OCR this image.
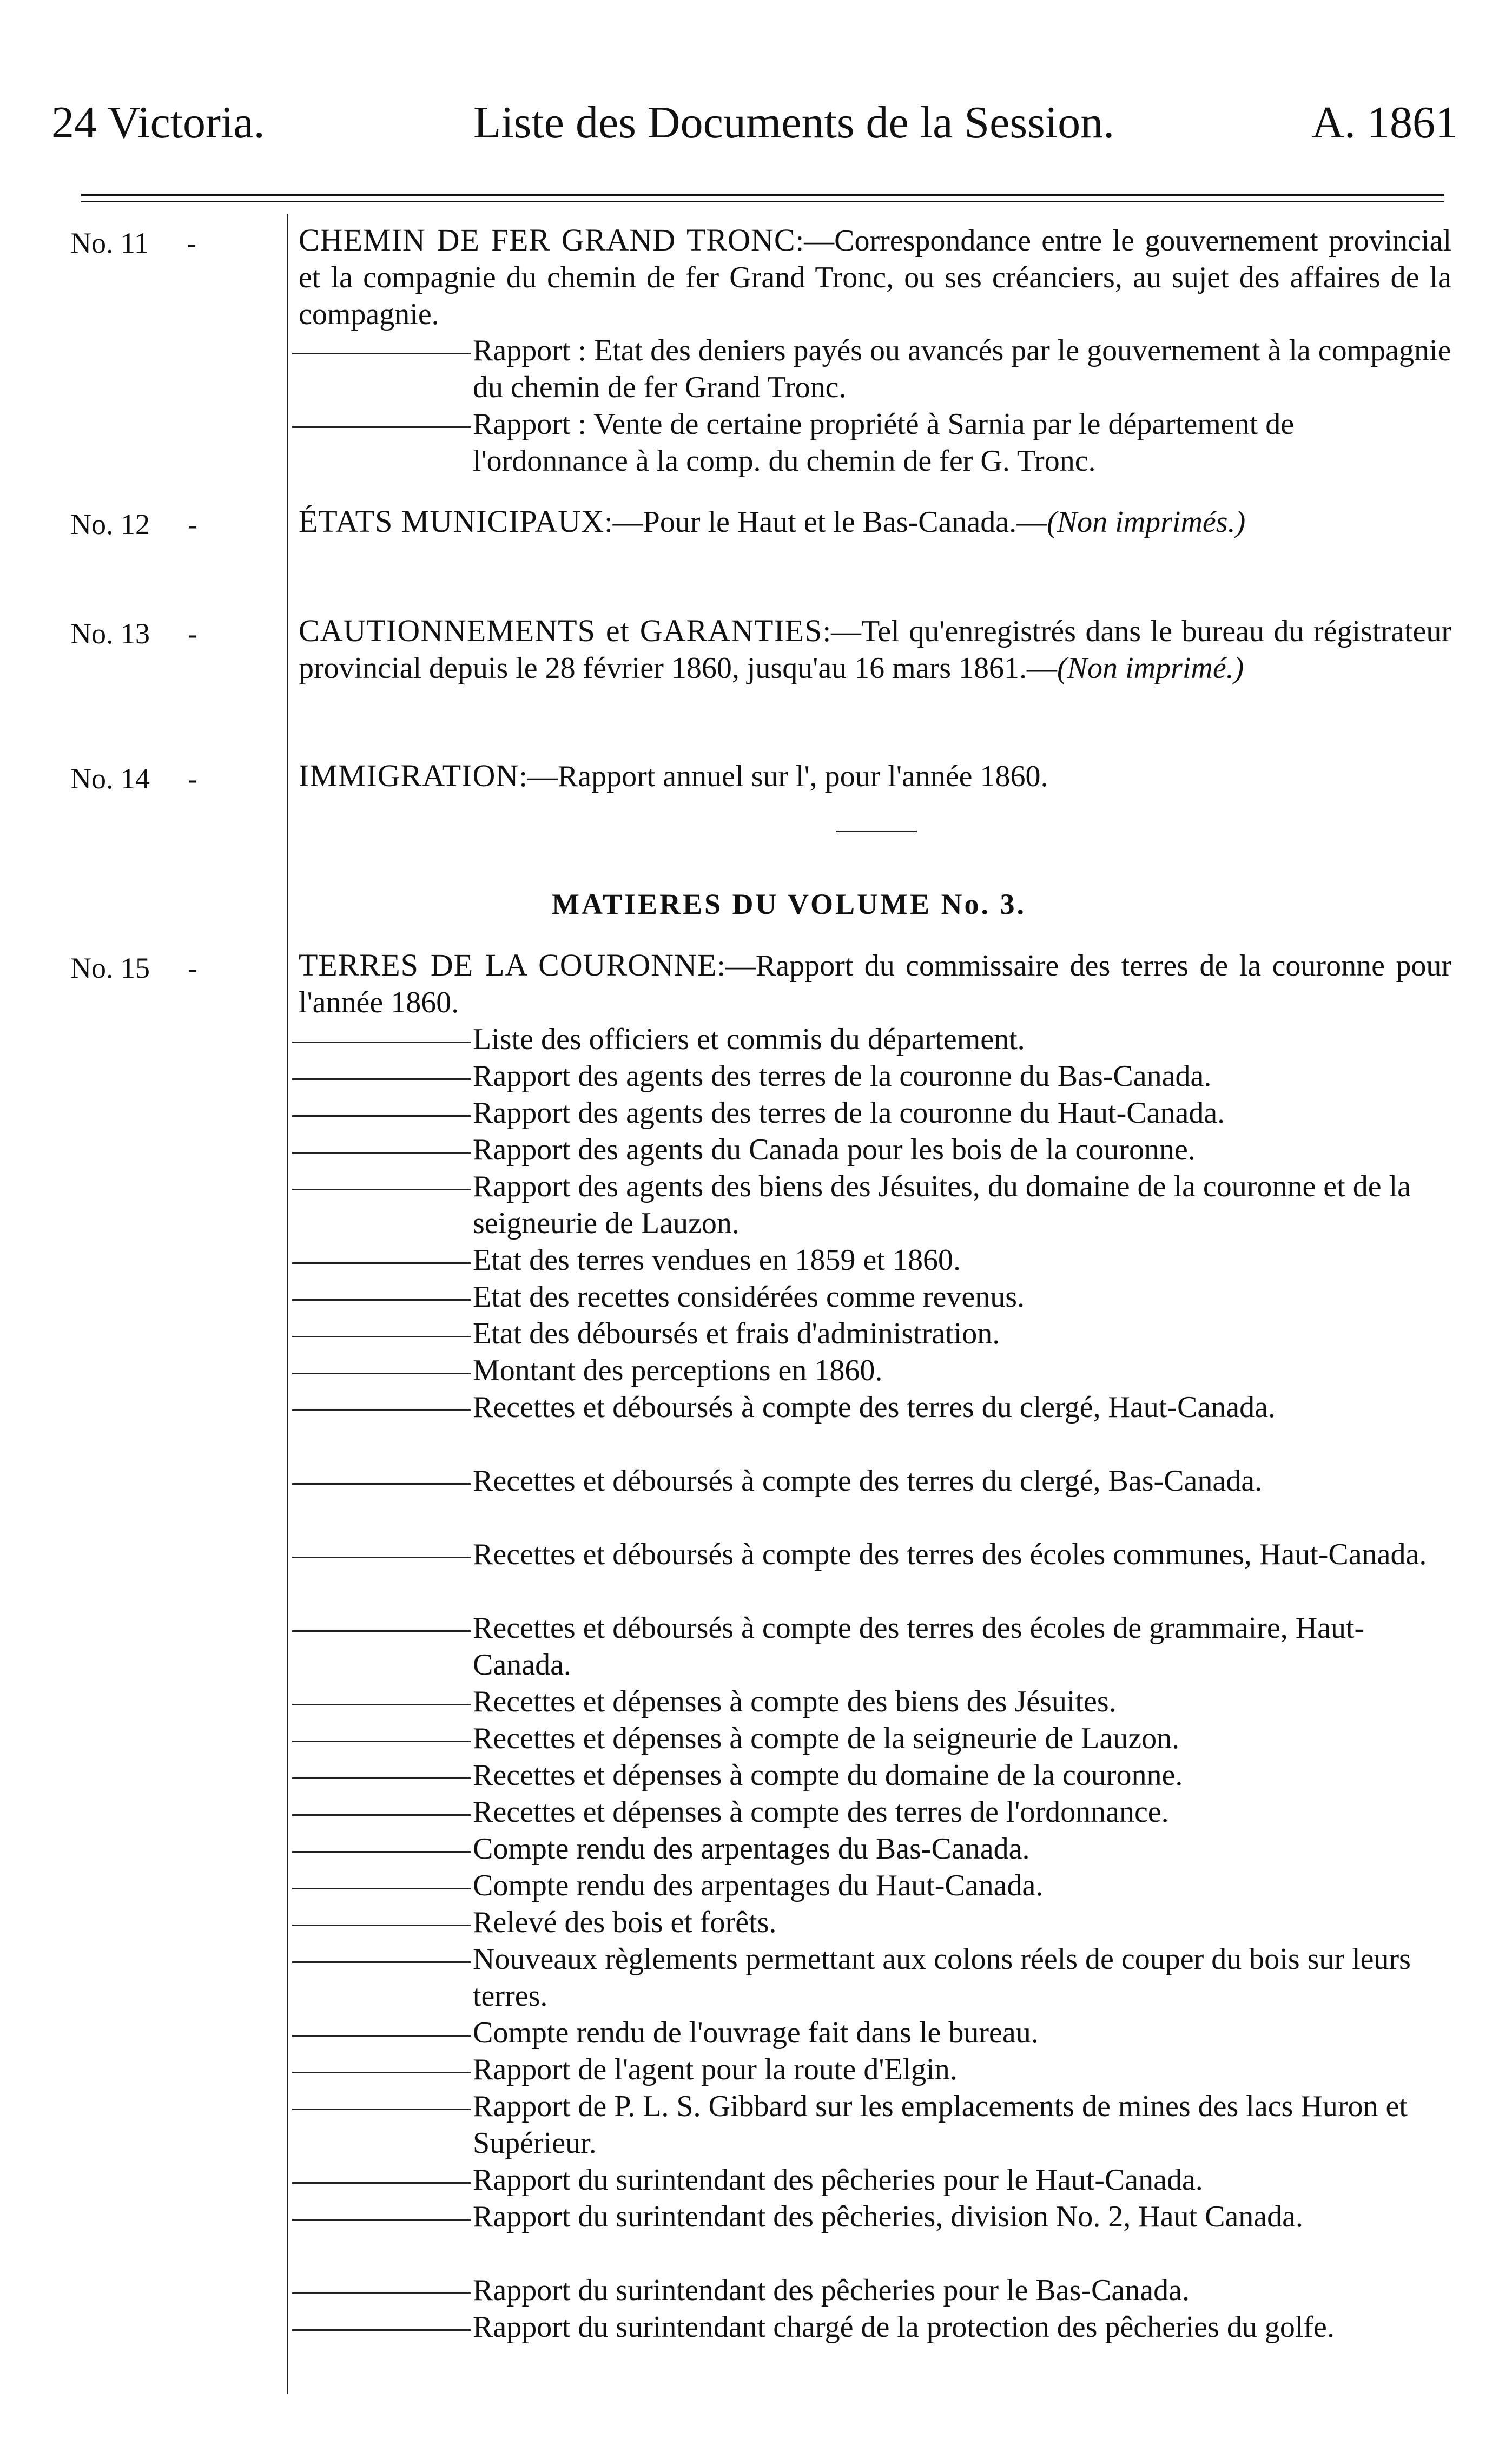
24 Victoria.	Liste des Documents de la Session.	A. 1861
No. 11 -	CHEMIN DE FER GRAND TRONC:—Correspondance entre le gouvernement provincial et la compagnie du chemin de fer Grand Tronc, ou ses créanciers, au sujet des affaires de la compagnie.
Rapport : Etat des deniers payés ou avancés par le gouvernement à la compagnie du chemin de fer Grand Tronc.
Rapport : Vente de certaine propriété à Sarnia par le département de l'ordonnance à la comp. du chemin de fer G. Tronc.
No. 12 -	ÉTATS MUNICIPAUX:—Pour le Haut et le Bas-Canada.—(Non imprimés.)
No. 13 -	CAUTIONNEMENTS et GARANTIES:—Tel qu'enregistrés dans le bureau du régistrateur provincial depuis le 28 février 1860, jusqu'au 16 mars 1861.—(Non imprimé.)
No. 14 -	IMMIGRATION:—Rapport annuel sur l', pour l'année 1860.
MATIERES DU VOLUME No. 3.
No. 15 -	TERRES DE LA COURONNE:—Rapport du commissaire des terres de la couronne pour l'année 1860.
Liste des officiers et commis du département.
Rapport des agents des terres de la couronne du Bas-Canada.
Rapport des agents des terres de la couronne du Haut-Canada.
Rapport des agents du Canada pour les bois de la couronne.
Rapport des agents des biens des Jésuites, du domaine de la couronne et de la seigneurie de Lauzon.
Etat des terres vendues en 1859 et 1860.
Etat des recettes considérées comme revenus.
Etat des déboursés et frais d'administration.
Montant des perceptions en 1860.
Recettes et déboursés à compte des terres du clergé, Haut-Canada.
Recettes et déboursés à compte des terres du clergé, Bas-Canada.
Recettes et déboursés à compte des terres des écoles communes, Haut-Canada.
Recettes et déboursés à compte des terres des écoles de grammaire, Haut-Canada.
Recettes et dépenses à compte des biens des Jésuites.
Recettes et dépenses à compte de la seigneurie de Lauzon.
Recettes et dépenses à compte du domaine de la couronne.
Recettes et dépenses à compte des terres de l'ordonnance.
Compte rendu des arpentages du Bas-Canada.
Compte rendu des arpentages du Haut-Canada.
Relevé des bois et forêts.
Nouveaux règlements permettant aux colons réels de couper du bois sur leurs terres.
Compte rendu de l'ouvrage fait dans le bureau.
Rapport de l'agent pour la route d'Elgin.
Rapport de P. L. S. Gibbard sur les emplacements de mines des lacs Huron et Supérieur.
Rapport du surintendant des pêcheries pour le Haut-Canada.
Rapport du surintendant des pêcheries, division No. 2, Haut Canada.
Rapport du surintendant des pêcheries pour le Bas-Canada.
Rapport du surintendant chargé de la protection des pêcheries du golfe.
